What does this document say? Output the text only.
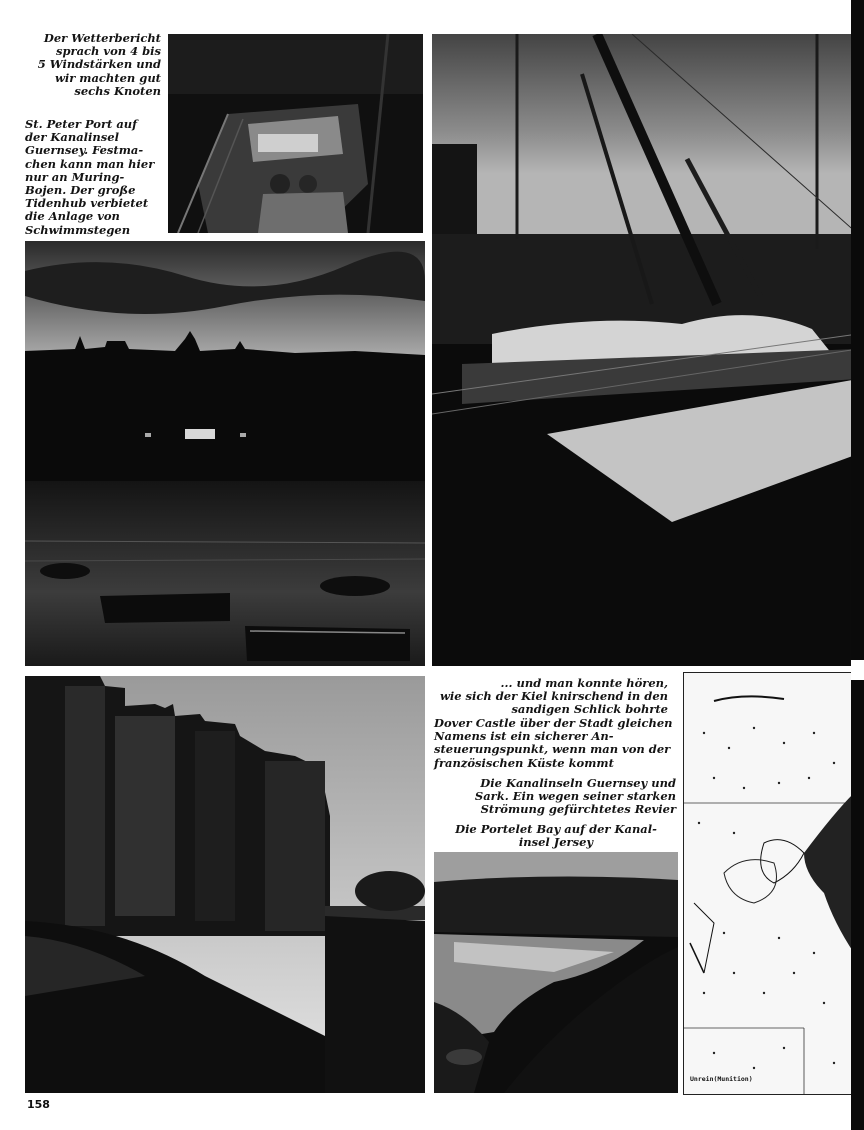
Der Wetterbericht
sprach von 4 bis
5 Windstärken und
wir machten gut
sechs Knoten
St. Peter Port auf
der Kanalinsel
Guernsey. Festma-
chen kann man hier
nur an Muring-
Bojen. Der große
Tidenhub verbietet
die Anlage von
Schwimmstegen
... und man konnte hören,
wie sich der Kiel knirschend in den
sandigen Schlick bohrte
Dover Castle über der Stadt gleichen
Namens ist ein sicherer An-
steuerungspunkt, wenn man von der
französischen Küste kommt
Die Kanalinseln Guernsey und
Sark. Ein wegen seiner starken
Strömung gefürchtetes Revier
Die Portelet Bay auf der Kanal-
insel Jersey
Unrein(Munition)
158
